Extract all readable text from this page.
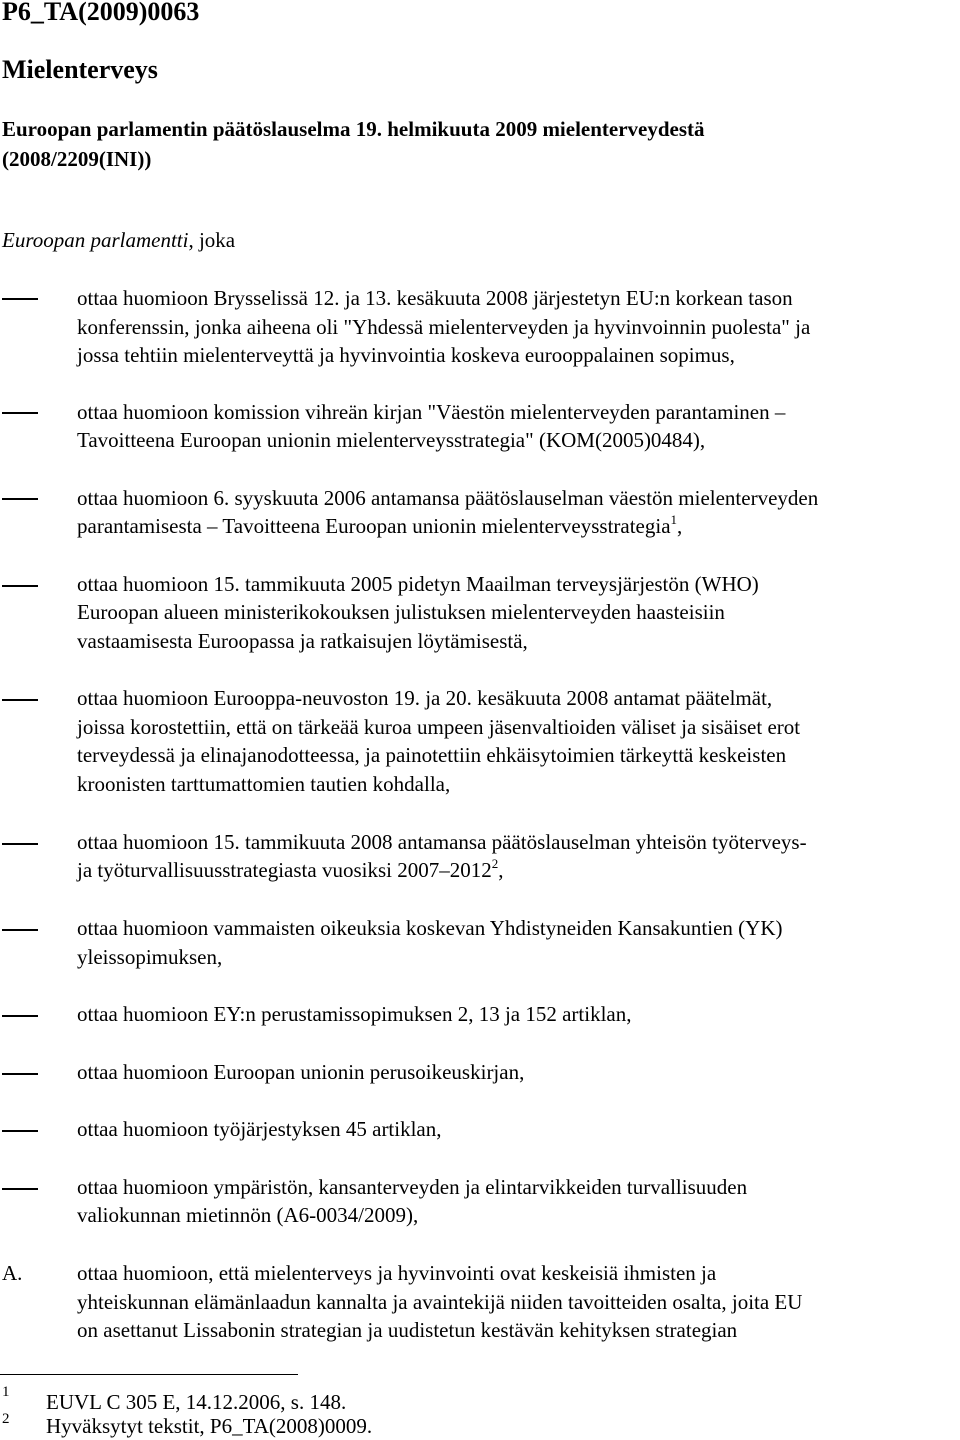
P6_TA(2009)0063
Mielenterveys
Euroopan parlamentin päätöslauselma 19. helmikuuta 2009 mielenterveydestä
(2008/2209(INI))
Euroopan parlamentti, joka
ottaa huomioon Brysselissä 12. ja 13. kesäkuuta 2008 järjestetyn EU:n korkean tason
konferenssin, jonka aiheena oli "Yhdessä mielenterveyden ja hyvinvoinnin puolesta" ja
jossa tehtiin mielenterveyttä ja hyvinvointia koskeva eurooppalainen sopimus,
ottaa huomioon komission vihreän kirjan "Väestön mielenterveyden parantaminen –
Tavoitteena Euroopan unionin mielenterveysstrategia" (KOM(2005)0484),
ottaa huomioon 6. syyskuuta 2006 antamansa päätöslauselman väestön mielenterveyden
parantamisesta – Tavoitteena Euroopan unionin mielenterveysstrategia$^1$,
ottaa huomioon 15. tammikuuta 2005 pidetyn Maailman terveysjärjestön (WHO)
Euroopan alueen ministerikokouksen julistuksen mielenterveyden haasteisiin
vastaamisesta Euroopassa ja ratkaisujen löytämisestä,
ottaa huomioon Eurooppa-neuvoston 19. ja 20. kesäkuuta 2008 antamat päätelmät,
joissa korostettiin, että on tärkeää kuroa umpeen jäsenvaltioiden väliset ja sisäiset erot
terveydessä ja elinajanodotteessa, ja painotettiin ehkäisytoimien tärkeyttä keskeisten
kroonisten tarttumattomien tautien kohdalla,
ottaa huomioon 15. tammikuuta 2008 antamansa päätöslauselman yhteisön työterveys-
ja työturvallisuusstrategiasta vuosiksi 2007–2012$^2$,
ottaa huomioon vammaisten oikeuksia koskevan Yhdistyneiden Kansakuntien (YK)
yleissopimuksen,
ottaa huomioon EY:n perustamissopimuksen 2, 13 ja 152 artiklan,
ottaa huomioon Euroopan unionin perusoikeuskirjan,
ottaa huomioon työjärjestyksen 45 artiklan,
ottaa huomioon ympäristön, kansanterveyden ja elintarvikkeiden turvallisuuden
valiokunnan mietinnön (A6-0034/2009),
A.	ottaa huomioon, että mielenterveys ja hyvinvointi ovat keskeisiä ihmisten ja
yhteiskunnan elämänlaadun kannalta ja avaintekijä niiden tavoitteiden osalta, joita EU
on asettanut Lissabonin strategian ja uudistetun kestävän kehityksen strategian
1 EUVL C 305 E, 14.12.2006, s. 148.
2 Hyväksytyt tekstit, P6_TA(2008)0009.
